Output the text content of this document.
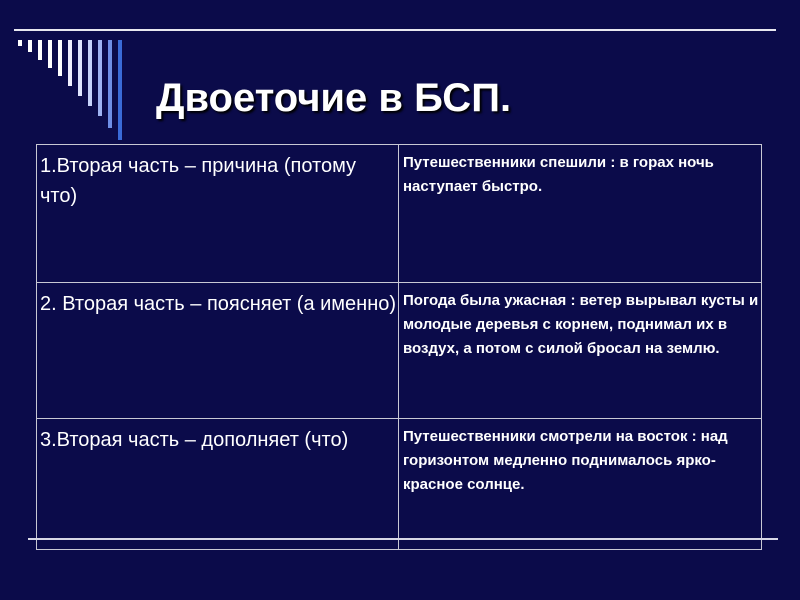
Двоеточие в БСП.
1.Вторая часть – причина (потому что)	Путешественники спешили : в горах ночь наступает быстро.

2. Вторая часть – поясняет (а именно)	Погода была ужасная : ветер вырывал кусты и молодые деревья с корнем, поднимал их в воздух, а потом с силой бросал на землю.

3.Вторая часть – дополняет (что)	Путешественники смотрели на восток : над горизонтом медленно поднималось ярко- красное солнце.
